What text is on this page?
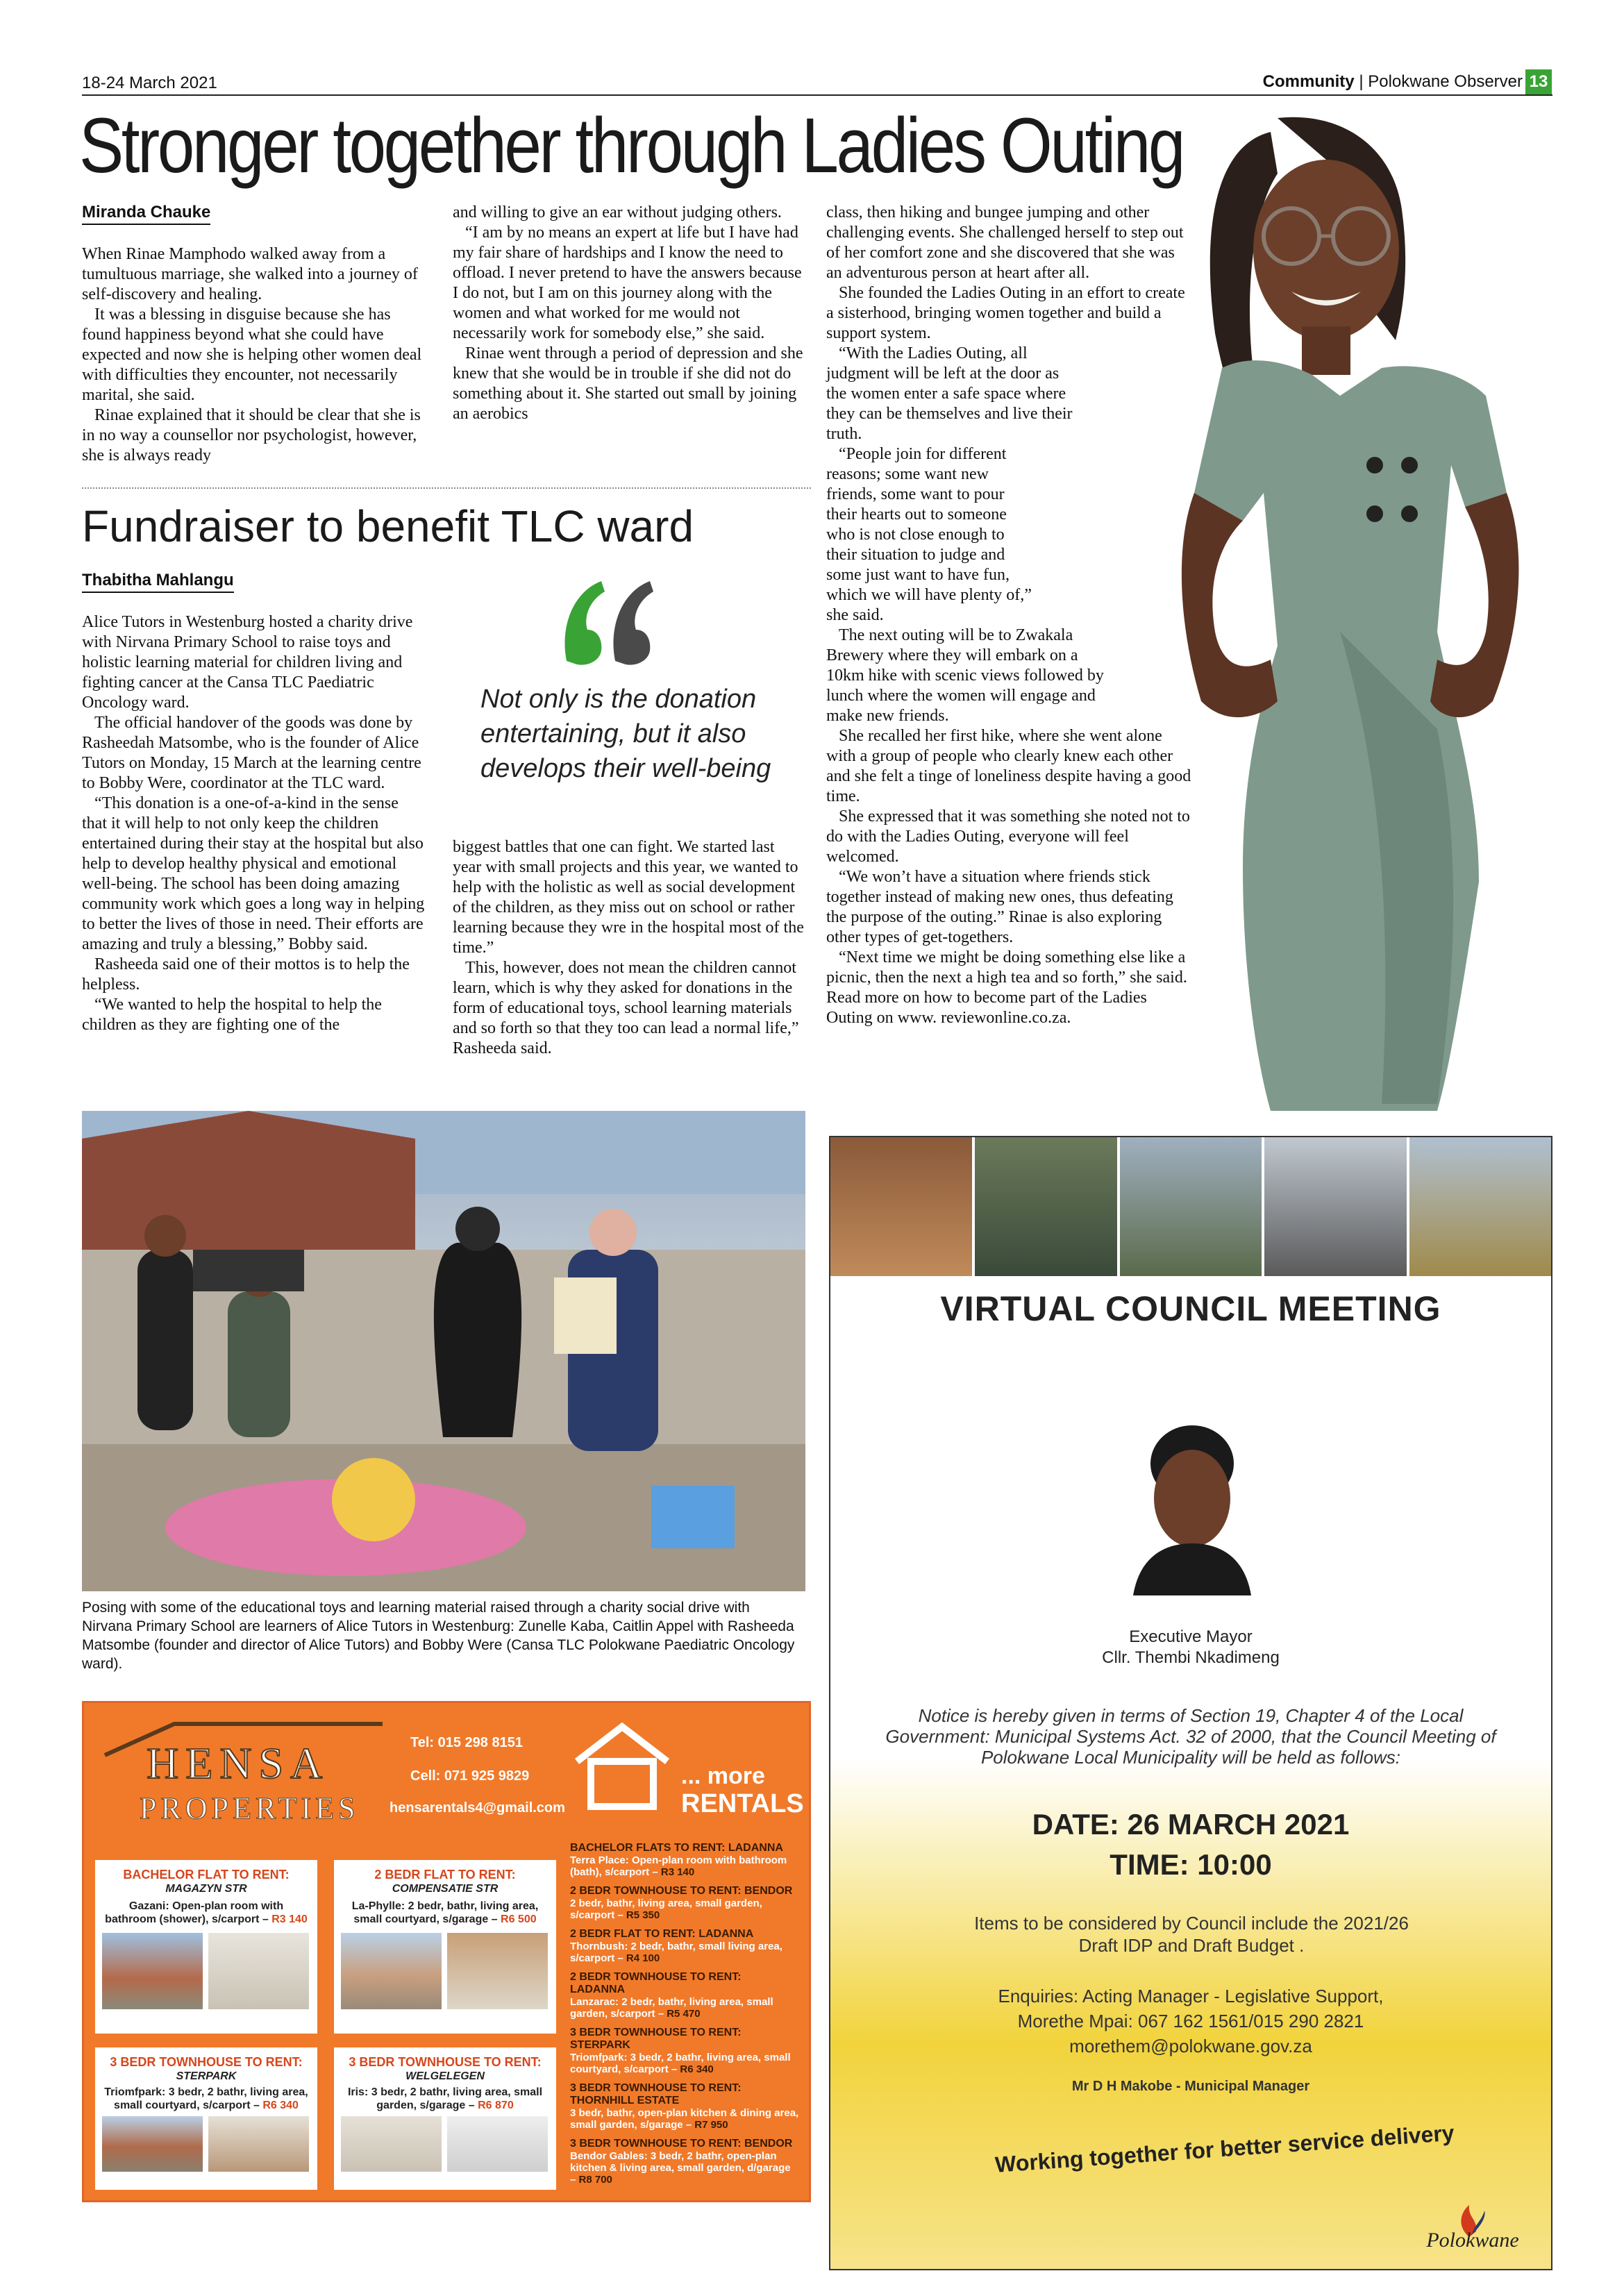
18-24 March 2021	Community | Polokwane Observer 13
Stronger together through Ladies Outing
Miranda Chauke

When Rinae Mamphodo walked away from a tumultuous marriage, she walked into a journey of self-discovery and healing.

It was a blessing in disguise because she has found happiness beyond what she could have expected and now she is helping other women deal with difficulties they encounter, not necessarily marital, she said.

Rinae explained that it should be clear that she is in no way a counsellor nor psychologist, however, she is always ready

and willing to give an ear without judging others.

“I am by no means an expert at life but I have had my fair share of hardships and I know the need to offload. I never pretend to have the answers because I do not, but I am on this journey along with the women and what worked for me would not necessarily work for somebody else,” she said.

Rinae went through a period of depression and she knew that she would be in trouble if she did not do something about it. She started out small by joining an aerobics

class, then hiking and bungee jumping and other challenging events. She challenged herself to step out of her comfort zone and she discovered that she was an adventurous person at heart after all.

She founded the Ladies Outing in an effort to create a sisterhood, bringing women together and build a support system.

“With the Ladies Outing, all judgment will be left at the door as the women enter a safe space where they can be themselves and live their truth.

“People join for different reasons; some want new friends, some want to pour their hearts out to someone who is not close enough to their situation to judge and some just want to have fun, which we will have plenty of,” she said.

The next outing will be to Zwakala Brewery where they will embark on a 10km hike with scenic views followed by lunch where the women will engage and make new friends.

She recalled her first hike, where she went alone with a group of people who clearly knew each other and she felt a tinge of loneliness despite having a good time.

She expressed that it was something she noted not to do with the Ladies Outing, everyone will feel welcomed.

“We won’t have a situation where friends stick together instead of making new ones, thus defeating the purpose of the outing.” Rinae is also exploring other types of get-togethers.

“Next time we might be doing something else like a picnic, then the next a high tea and so forth,” she said. Read more on how to become part of the Ladies Outing on www. reviewonline.co.za.

Fundraiser to benefit TLC ward
Thabitha Mahlangu

Alice Tutors in Westenburg hosted a charity drive with Nirvana Primary School to raise toys and holistic learning material for children living and fighting cancer at the Cansa TLC Paediatric Oncology ward.

The official handover of the goods was done by Rasheedah Matsombe, who is the founder of Alice Tutors on Monday, 15 March at the learning centre to Bobby Were, coordinator at the TLC ward.

“This donation is a one-of-a-kind in the sense that it will help to not only keep the children entertained during their stay at the hospital but also help to develop healthy physical and emotional well-being. The school has been doing amazing community work which goes a long way in helping to better the lives of those in need. Their efforts are amazing and truly a blessing,” Bobby said.

Rasheeda said one of their mottos is to help the helpless.

“We wanted to help the hospital to help the children as they are fighting one of the

Not only is the donation entertaining, but it also develops their well-being

biggest battles that one can fight. We started last year with small projects and this year, we wanted to help with the holistic as well as social development of the children, as they miss out on school or rather learning because they wre in the hospital most of the time.”

This, however, does not mean the children cannot learn, which is why they asked for donations in the form of educational toys, school learning materials and so forth so that they too can lead a normal life,” Rasheeda said.

Posing with some of the educational toys and learning material raised through a charity social drive with Nirvana Primary School are learners of Alice Tutors in Westenburg: Zunelle Kaba, Caitlin Appel with Rasheeda Matsombe (founder and director of Alice Tutors) and Bobby Were (Cansa TLC Polokwane Paediatric Oncology ward).
HENSA
PROPERTIES
Tel: 015 298 8151
Cell: 071 925 9829
hensarentals4@gmail.com
... more
RENTALS
BACHELOR FLAT TO RENT:
MAGAZYN STR
Gazani: Open-plan room with bathroom (shower), s/carport – R3 140
2 BEDR FLAT TO RENT:
COMPENSATIE STR
La-Phylle: 2 bedr, bathr, living area, small courtyard, s/garage – R6 500
3 BEDR TOWNHOUSE TO RENT:
STERPARK
Triomfpark: 3 bedr, 2 bathr, living area, small courtyard, s/carport – R6 340
3 BEDR TOWNHOUSE TO RENT:
WELGELEGEN
Iris: 3 bedr, 2 bathr, living area, small garden, s/garage – R6 870
BACHELOR FLATS TO RENT: LADANNA
Terra Place: Open-plan room with bathroom (bath), s/carport – R3 140
2 BEDR TOWNHOUSE TO RENT: BENDOR
2 bedr, bathr, living area, small garden, s/carport – R5 350
2 BEDR FLAT TO RENT: LADANNA
Thornbush: 2 bedr, bathr, small living area, s/carport – R4 100
2 BEDR TOWNHOUSE TO RENT: LADANNA
Lanzarac: 2 bedr, bathr, living area, small garden, s/carport – R5 470
3 BEDR TOWNHOUSE TO RENT: STERPARK
Triomfpark: 3 bedr, 2 bathr, living area, small courtyard, s/carport – R6 340
3 BEDR TOWNHOUSE TO RENT: THORNHILL ESTATE
3 bedr, bathr, open-plan kitchen & dining area, small garden, s/garage – R7 950
3 BEDR TOWNHOUSE TO RENT: BENDOR
Bendor Gables: 3 bedr, 2 bathr, open-plan kitchen & living area, small garden, d/garage – R8 700
VIRTUAL COUNCIL MEETING
Executive Mayor
Cllr. Thembi Nkadimeng
Notice is hereby given in terms of Section 19, Chapter 4 of the Local Government: Municipal Systems Act. 32 of 2000, that the Council Meeting of Polokwane Local Municipality will be held as follows:
DATE: 26 MARCH 2021
TIME: 10:00
Items to be considered by Council include the 2021/26 Draft IDP and Draft Budget .
Enquiries: Acting Manager - Legislative Support,
Morethe Mpai: 067 162 1561/015 290 2821
morethem@polokwane.gov.za
Mr D H Makobe - Municipal Manager
Working together for better service delivery
Polokwane
